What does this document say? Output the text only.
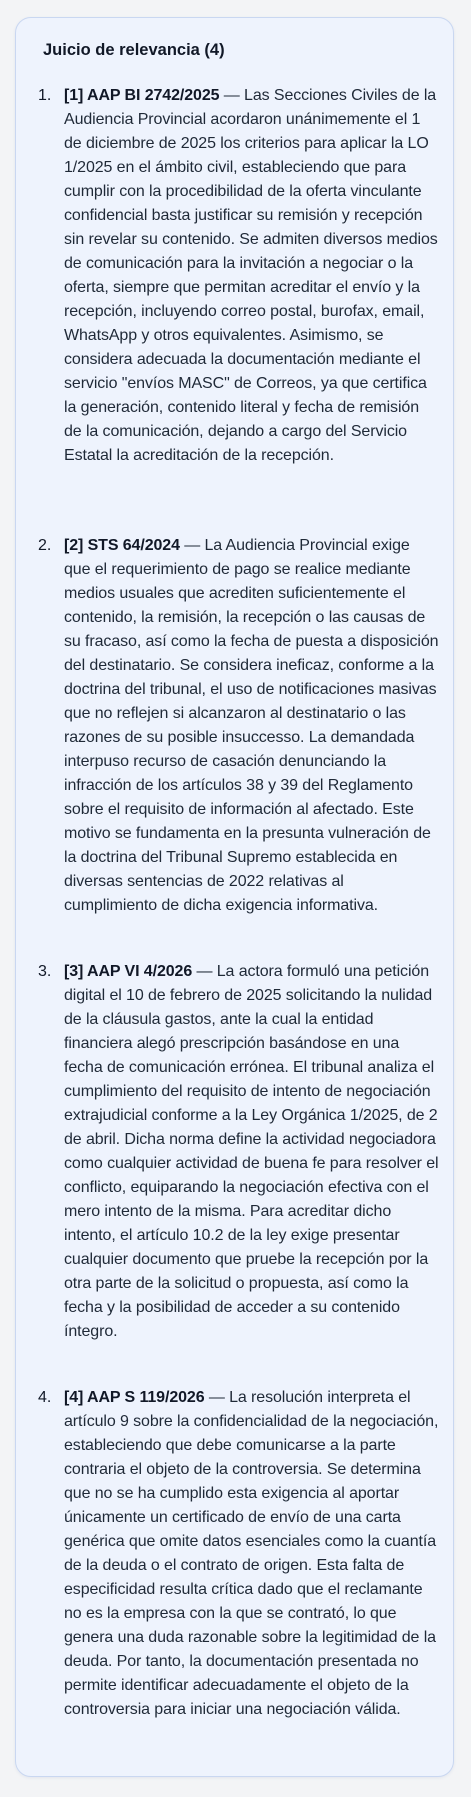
Juicio de relevancia (4)
1. [1] AAP BI 2742/2025 — Las Secciones Civiles de la Audiencia Provincial acordaron unánimemente el 1 de diciembre de 2025 los criterios para aplicar la LO 1/2025 en el ámbito civil, estableciendo que para cumplir con la procedibilidad de la oferta vinculante confidencial basta justificar su remisión y recepción sin revelar su contenido. Se admiten diversos medios de comunicación para la invitación a negociar o la oferta, siempre que permitan acreditar el envío y la recepción, incluyendo correo postal, burofax, email, WhatsApp y otros equivalentes. Asimismo, se considera adecuada la documentación mediante el servicio "envíos MASC" de Correos, ya que certifica la generación, contenido literal y fecha de remisión de la comunicación, dejando a cargo del Servicio Estatal la acreditación de la recepción.

2. [2] STS 64/2024 — La Audiencia Provincial exige que el requerimiento de pago se realice mediante medios usuales que acrediten suficientemente el contenido, la remisión, la recepción o las causas de su fracaso, así como la fecha de puesta a disposición del destinatario. Se considera ineficaz, conforme a la doctrina del tribunal, el uso de notificaciones masivas que no reflejen si alcanzaron al destinatario o las razones de su posible insuccesso. La demandada interpuso recurso de casación denunciando la infracción de los artículos 38 y 39 del Reglamento sobre el requisito de información al afectado. Este motivo se fundamenta en la presunta vulneración de la doctrina del Tribunal Supremo establecida en diversas sentencias de 2022 relativas al cumplimiento de dicha exigencia informativa.

3. [3] AAP VI 4/2026 — La actora formuló una petición digital el 10 de febrero de 2025 solicitando la nulidad de la cláusula gastos, ante la cual la entidad financiera alegó prescripción basándose en una fecha de comunicación errónea. El tribunal analiza el cumplimiento del requisito de intento de negociación extrajudicial conforme a la Ley Orgánica 1/2025, de 2 de abril. Dicha norma define la actividad negociadora como cualquier actividad de buena fe para resolver el conflicto, equiparando la negociación efectiva con el mero intento de la misma. Para acreditar dicho intento, el artículo 10.2 de la ley exige presentar cualquier documento que pruebe la recepción por la otra parte de la solicitud o propuesta, así como la fecha y la posibilidad de acceder a su contenido íntegro.

4. [4] AAP S 119/2026 — La resolución interpreta el artículo 9 sobre la confidencialidad de la negociación, estableciendo que debe comunicarse a la parte contraria el objeto de la controversia. Se determina que no se ha cumplido esta exigencia al aportar únicamente un certificado de envío de una carta genérica que omite datos esenciales como la cuantía de la deuda o el contrato de origen. Esta falta de especificidad resulta crítica dado que el reclamante no es la empresa con la que se contrató, lo que genera una duda razonable sobre la legitimidad de la deuda. Por tanto, la documentación presentada no permite identificar adecuadamente el objeto de la controversia para iniciar una negociación válida.
